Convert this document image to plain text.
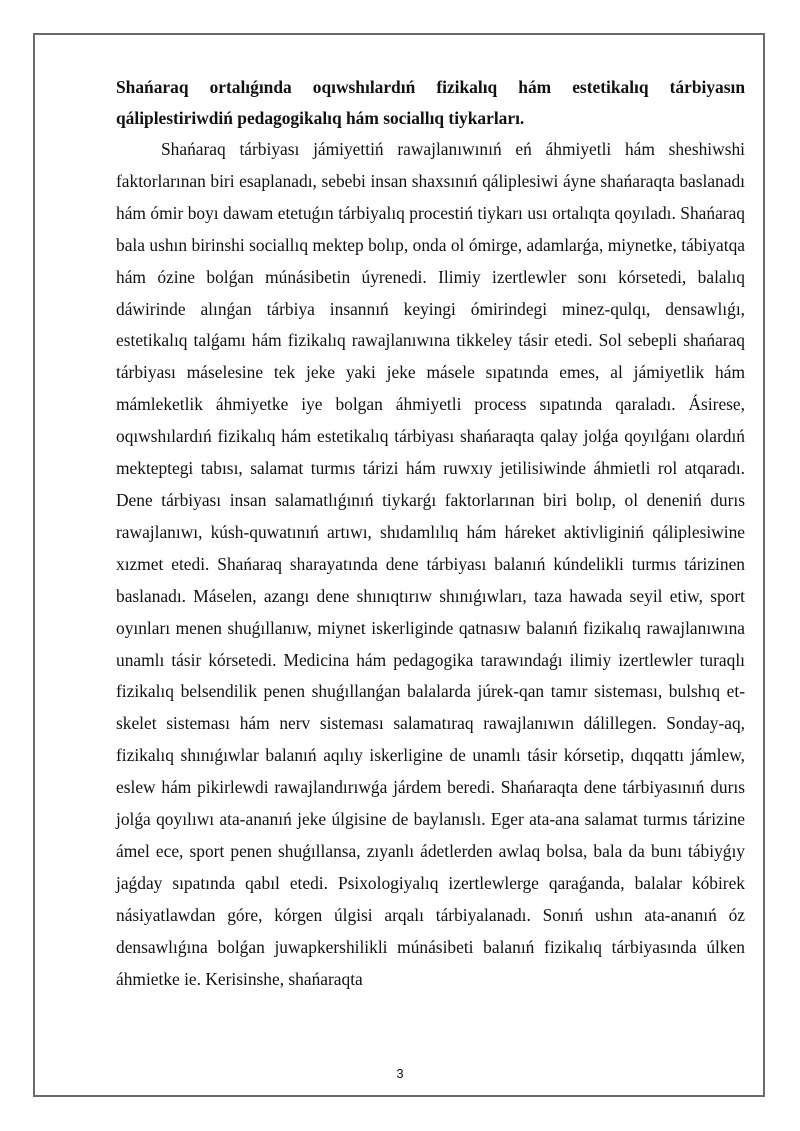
Shańaraq ortalıǵında oqıwshılardıń fizikalıq hám estetikalıq tárbiyasın qáliplestiriwdiń pedagogikalıq hám sociallıq tiykarları.

Shańaraq tárbiyası jámiyettiń rawajlanıwınıń eń áhmiyetli hám sheshiwshi faktorlarınan biri esaplanadı, sebebi insan shaxsınıń qáliplesiwi áyne shańaraqta baslanadı hám ómir boyı dawam etetuǵın tárbiyalıq procestiń tiykarı usı ortalıqta qoyıladı. Shańaraq bala ushın birinshi sociallıq mektep bolıp, onda ol ómirge, adamlarǵa, miynetke, tábiyatqa hám ózine bolǵan múnásibetin úyrenedi. Ilimiy izertlewler sonı kórsetedi, balalıq dáwirinde alınǵan tárbiya insannıń keyingi ómirindegi minez-qulqı, densawlıǵı, estetikalıq talǵamı hám fizikalıq rawajlanıwına tikkeley tásir etedi. Sol sebepli shańaraq tárbiyası máselesine tek jeke yaki jeke másele sıpatında emes, al jámiyetlik hám mámleketlik áhmiyetke iye bolgan áhmiyetli process sıpatında qaraladı. Ásirese, oqıwshılardıń fizikalıq hám estetikalıq tárbiyası shańaraqta qalay jolǵa qoyılǵanı olardıń mekteptegi tabısı, salamat turmıs tárizi hám ruwxıy jetilisiwinde áhmietli rol atqaradı. Dene tárbiyası insan salamatlıǵınıń tiykarǵı faktorlarınan biri bolıp, ol deneniń durıs rawajlanıwı, kúsh-quwatınıń artıwı, shıdamlılıq hám háreket aktivliginiń qáliplesiwine xızmet etedi. Shańaraq sharayatında dene tárbiyası balanıń kúndelikli turmıs tárizinen baslanadı. Máselen, azangı dene shınıqtırıw shınıǵıwları, taza hawada seyil etiw, sport oyınları menen shuǵıllanıw, miynet iskerliginde qatnasıw balanıń fizikalıq rawajlanıwına unamlı tásir kórsetedi. Medicina hám pedagogika tarawındaǵı ilimiy izertlewler turaqlı fizikalıq belsendilik penen shuǵıllanǵan balalarda júrek-qan tamır sisteması, bulshıq et-skelet sisteması hám nerv sisteması salamatıraq rawajlanıwın dálillegen. Sonday-aq, fizikalıq shınıǵıwlar balanıń aqılıy iskerligine de unamlı tásir kórsetip, dıqqattı jámlew, eslew hám pikirlewdi rawajlandırıwǵa járdem beredi. Shańaraqta dene tárbiyasınıń durıs jolǵa qoyılıwı ata-ananıń jeke úlgisine de baylanıslı. Eger ata-ana salamat turmıs tárizine ámel ece, sport penen shuǵıllansa, zıyanlı ádetlerden awlaq bolsa, bala da bunı tábiyǵıy jaǵday sıpatında qabıl etedi. Psixologiyalıq izertlewlerge qaraǵanda, balalar kóbirek násiyatlawdan góre, kórgen úlgisi arqalı tárbiyalanadı. Sonıń ushın ata-ananıń óz densawlıǵına bolǵan juwapkershilikli múnásibeti balanıń fizikalıq tárbiyasında úlken áhmietke ie. Kerisinshe, shańaraqta

3
